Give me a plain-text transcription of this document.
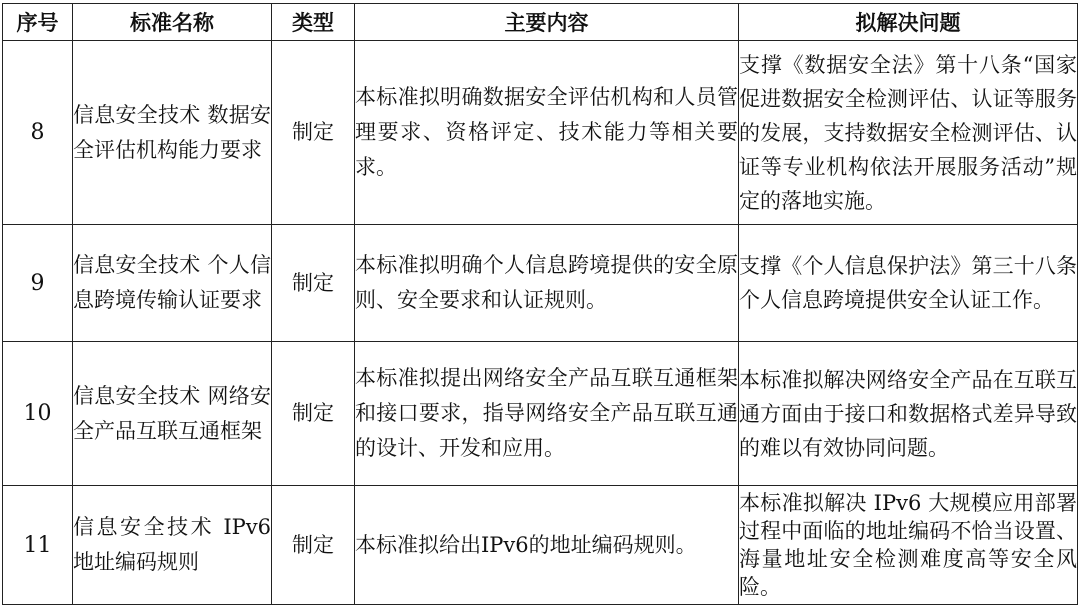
序号	标准名称	类型	主要内容	拟解决问题
8	信息安全技术 数据安全评估机构能力要求	制定	本标准拟明确数据安全评估机构和人员管理要求、资格评定、技术能力等相关要求。	支撑《数据安全法》第十八条“国家促进数据安全检测评估、认证等服务的发展，支持数据安全检测评估、认证等专业机构依法开展服务活动”规定的落地实施。
9	信息安全技术 个人信息跨境传输认证要求	制定	本标准拟明确个人信息跨境提供的安全原则、安全要求和认证规则。	支撑《个人信息保护法》第三十八条个人信息跨境提供安全认证工作。
10	信息安全技术 网络安全产品互联互通框架	制定	本标准拟提出网络安全产品互联互通框架和接口要求，指导网络安全产品互联互通的设计、开发和应用。	本标准拟解决网络安全产品在互联互通方面由于接口和数据格式差异导致的难以有效协同问题。
11	信息安全技术 IPv6 地址编码规则	制定	本标准拟给出IPv6的地址编码规则。	本标准拟解决 IPv6 大规模应用部署过程中面临的地址编码不恰当设置、海量地址安全检测难度高等安全风险。
